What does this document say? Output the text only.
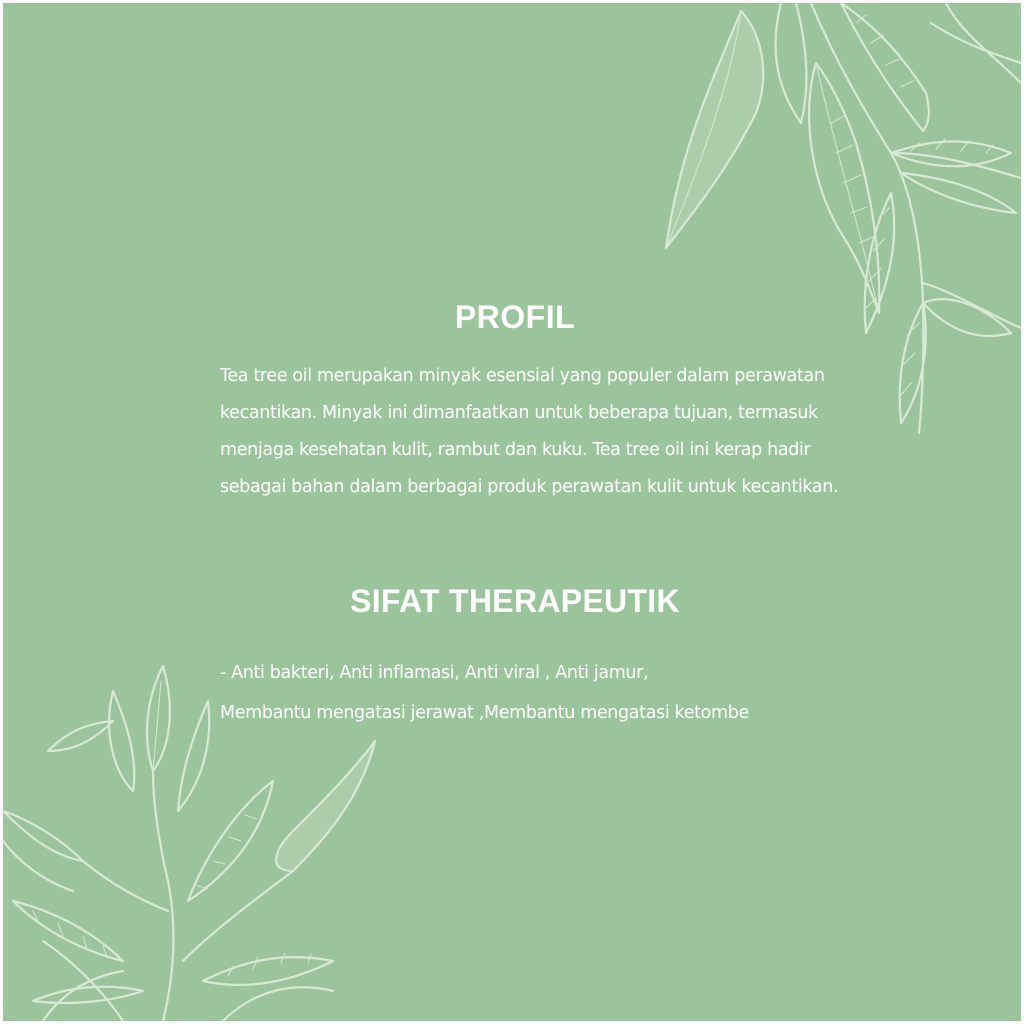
PROFIL
Tea tree oil merupakan minyak esensial yang populer dalam perawatan
kecantikan. Minyak ini dimanfaatkan untuk beberapa tujuan, termasuk
menjaga kesehatan kulit, rambut dan kuku. Tea tree oil ini kerap hadir
sebagai bahan dalam berbagai produk perawatan kulit untuk kecantikan.
SIFAT THERAPEUTIK
- Anti bakteri, Anti inflamasi, Anti viral , Anti jamur,
Membantu mengatasi jerawat ,Membantu mengatasi ketombe
